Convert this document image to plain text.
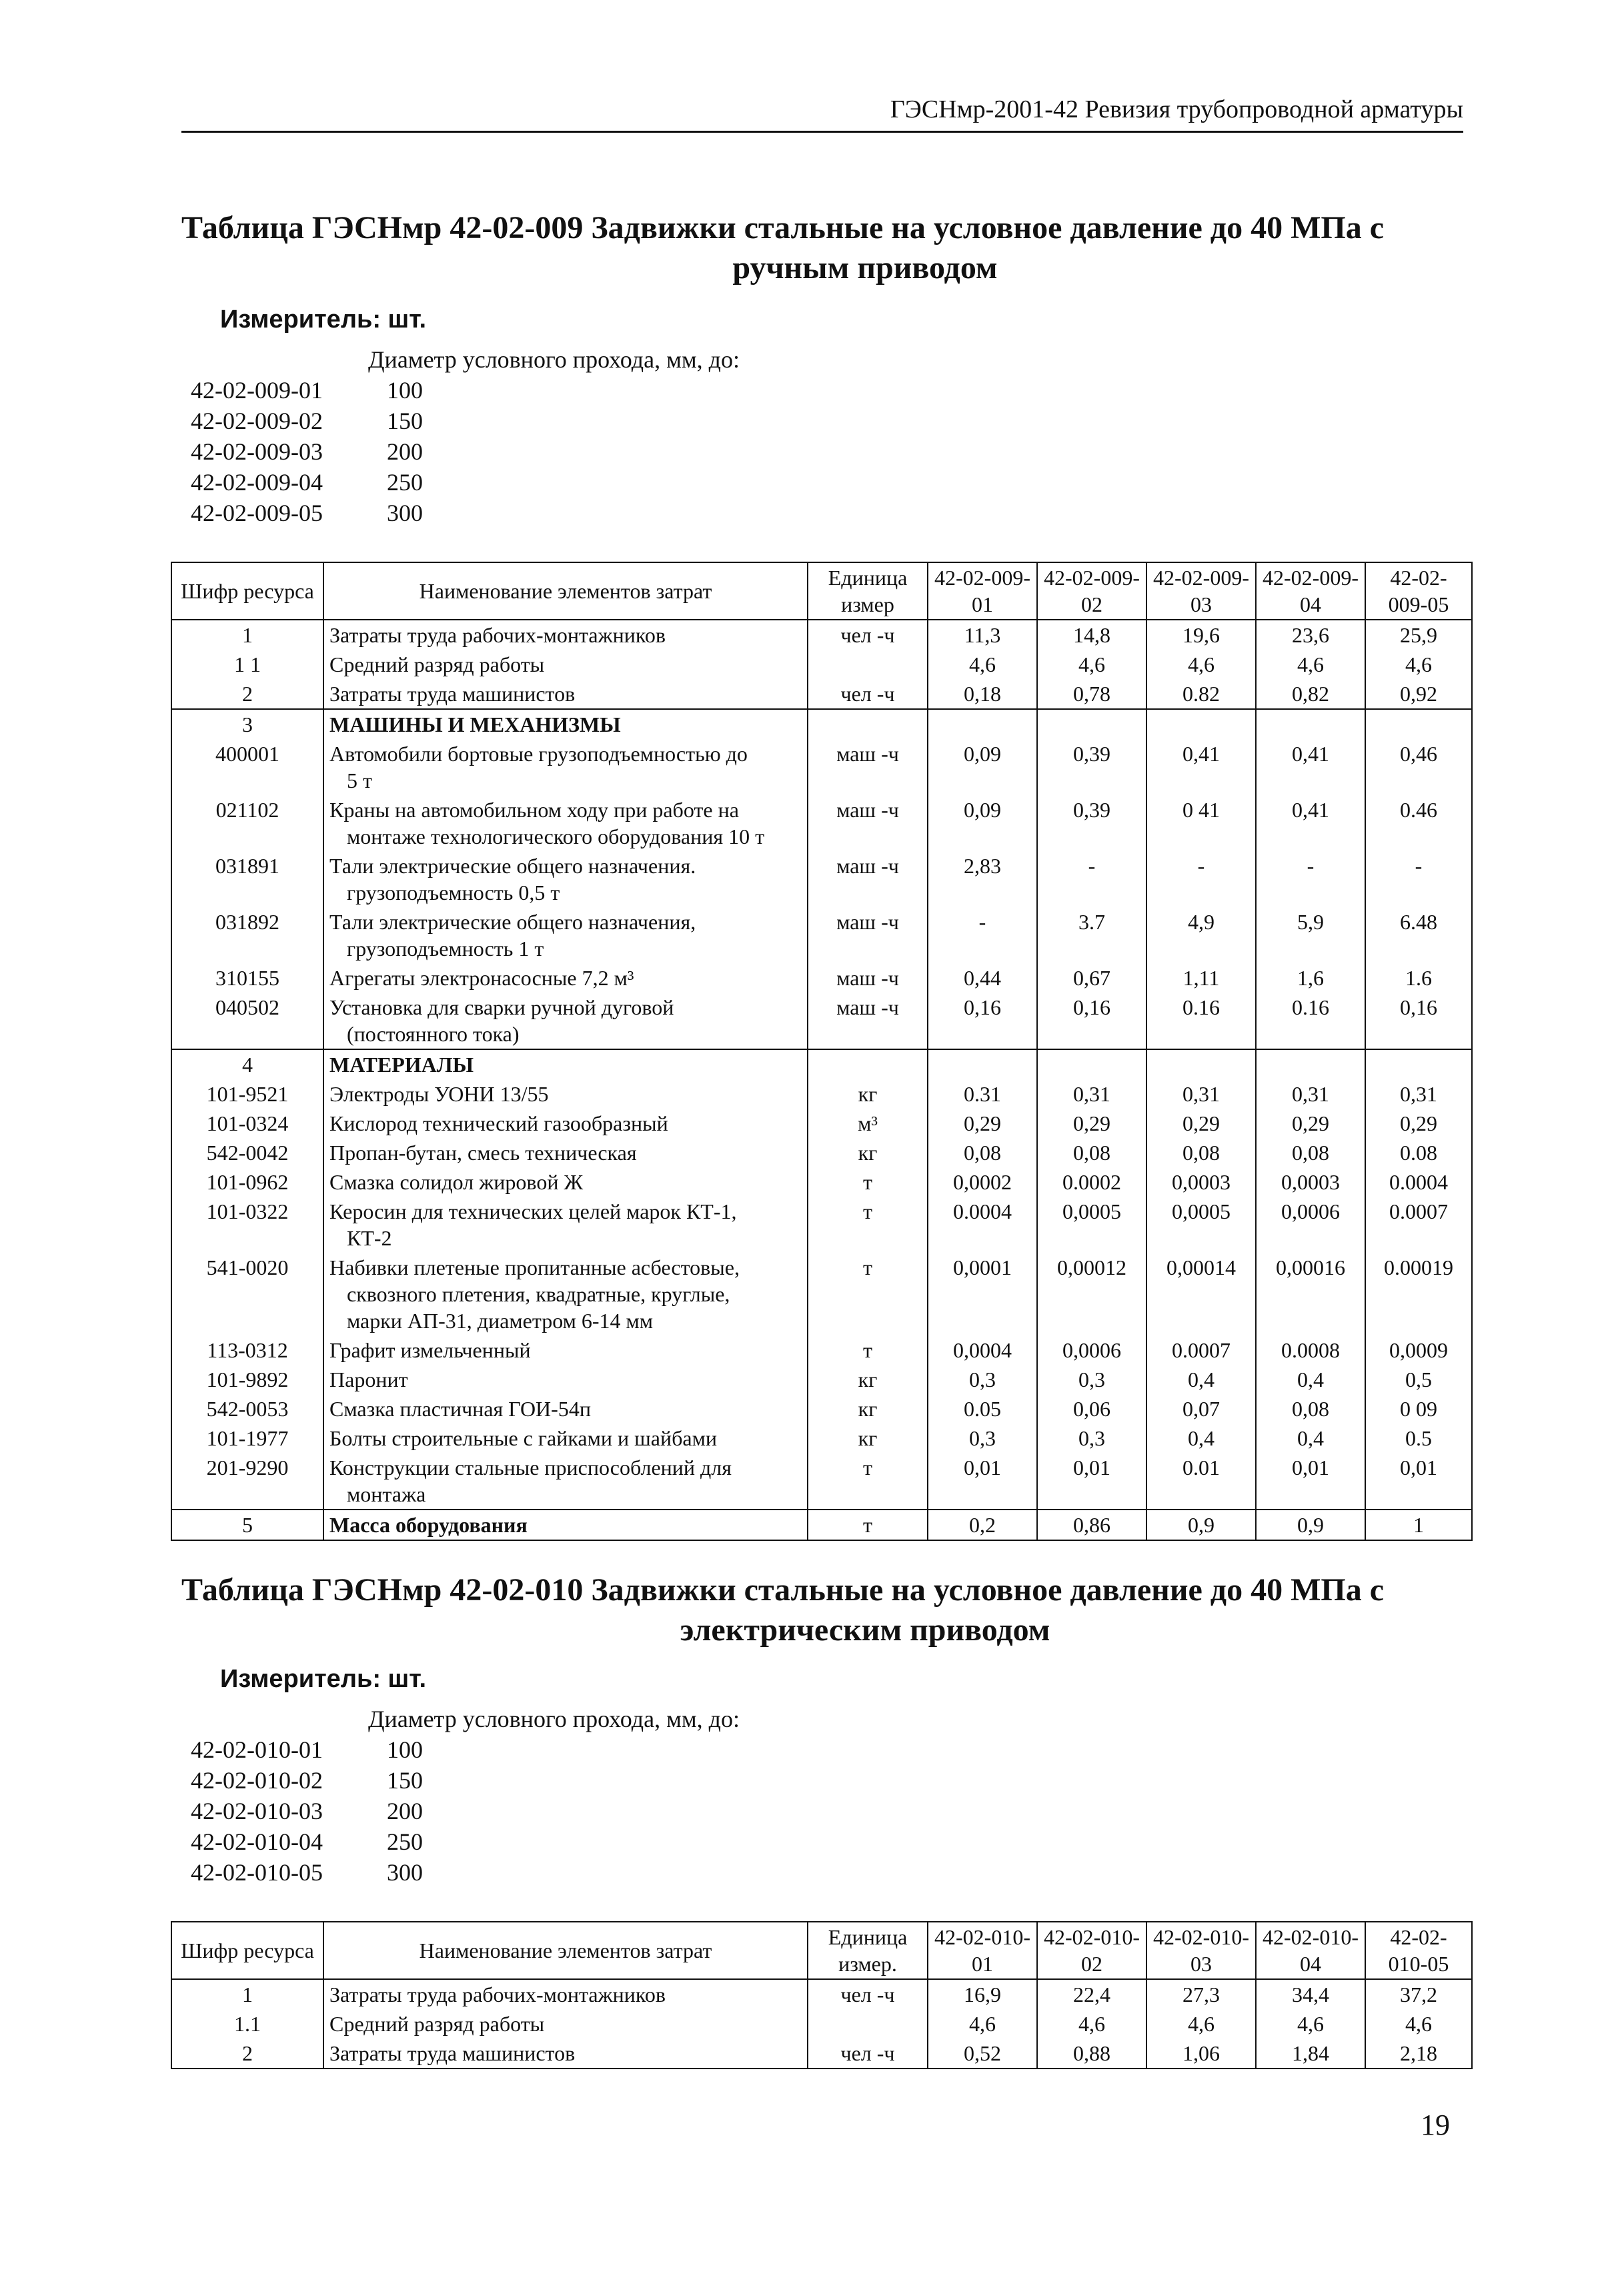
ГЭСНмр-2001-42 Ревизия трубопроводной арматуры
Таблица ГЭСНмр 42-02-009 Задвижки стальные на условное давление до 40 МПа с
ручным приводом
Измеритель: шт.
Диаметр условного прохода, мм, до:
42-02-009-01	100
42-02-009-02	150
42-02-009-03	200
42-02-009-04	250
42-02-009-05	300
Шифр ресурса	Наименование элементов затрат	Единица измер	42-02-009-01	42-02-009-02	42-02-009-03	42-02-009-04	42-02-009-05
1	Затраты труда рабочих-монтажников	чел -ч	11,3	14,8	19,6	23,6	25,9
1 1	Средний разряд работы		4,6	4,6	4,6	4,6	4,6
2	Затраты труда машинистов	чел -ч	0,18	0,78	0.82	0,82	0,92
3	МАШИНЫ И МЕХАНИЗМЫ						

400001	Автомобили бортовые грузоподъемностью до
5 т	маш -ч	0,09	0,39	0,41	0,41	0,46
021102	Краны на автомобильном ходу при работе на
монтаже технологического оборудования 10 т	маш -ч	0,09	0,39	0 41	0,41	0.46
031891	Тали электрические общего назначения.
грузоподъемность 0,5 т	маш -ч	2,83	-	-	-	-
031892	Тали электрические общего назначения,
грузоподъемность 1 т	маш -ч	-	3.7	4,9	5,9	6.48
310155	Агрегаты электронасосные 7,2 м³	маш -ч	0,44	0,67	1,11	1,6	1.6
040502	Установка для сварки ручной дуговой
(постоянного тока)	маш -ч	0,16	0,16	0.16	0.16	0,16
4	МАТЕРИАЛЫ						

101-9521	Электроды УОНИ 13/55	кг	0.31	0,31	0,31	0,31	0,31
101-0324	Кислород технический газообразный	м³	0,29	0,29	0,29	0,29	0,29
542-0042	Пропан-бутан, смесь техническая	кг	0,08	0,08	0,08	0,08	0.08
101-0962	Смазка солидол жировой Ж	т	0,0002	0.0002	0,0003	0,0003	0.0004
101-0322	Керосин для технических целей марок КТ-1,
КТ-2	т	0.0004	0,0005	0,0005	0,0006	0.0007
541-0020	Набивки плетеные пропитанные асбестовые,
сквозного плетения, квадратные, круглые,
марки АП-31, диаметром 6-14 мм	т	0,0001	0,00012	0,00014	0,00016	0.00019
113-0312	Графит измельченный	т	0,0004	0,0006	0.0007	0.0008	0,0009
101-9892	Паронит	кг	0,3	0,3	0,4	0,4	0,5
542-0053	Смазка пластичная ГОИ-54п	кг	0.05	0,06	0,07	0,08	0 09
101-1977	Болты строительные с гайками и шайбами	кг	0,3	0,3	0,4	0,4	0.5
201-9290	Конструкции стальные приспособлений для
монтажа	т	0,01	0,01	0.01	0,01	0,01
5	Масса оборудования	т	0,2	0,86	0,9	0,9	1
Таблица ГЭСНмр 42-02-010 Задвижки стальные на условное давление до 40 МПа с
электрическим приводом
Измеритель: шт.
Диаметр условного прохода, мм, до:
42-02-010-01	100
42-02-010-02	150
42-02-010-03	200
42-02-010-04	250
42-02-010-05	300
Шифр ресурса	Наименование элементов затрат	Единица измер.	42-02-010-01	42-02-010-02	42-02-010-03	42-02-010-04	42-02-010-05
1	Затраты труда рабочих-монтажников	чел -ч	16,9	22,4	27,3	34,4	37,2
1.1	Средний разряд работы		4,6	4,6	4,6	4,6	4,6
2	Затраты труда машинистов	чел -ч	0,52	0,88	1,06	1,84	2,18
19
